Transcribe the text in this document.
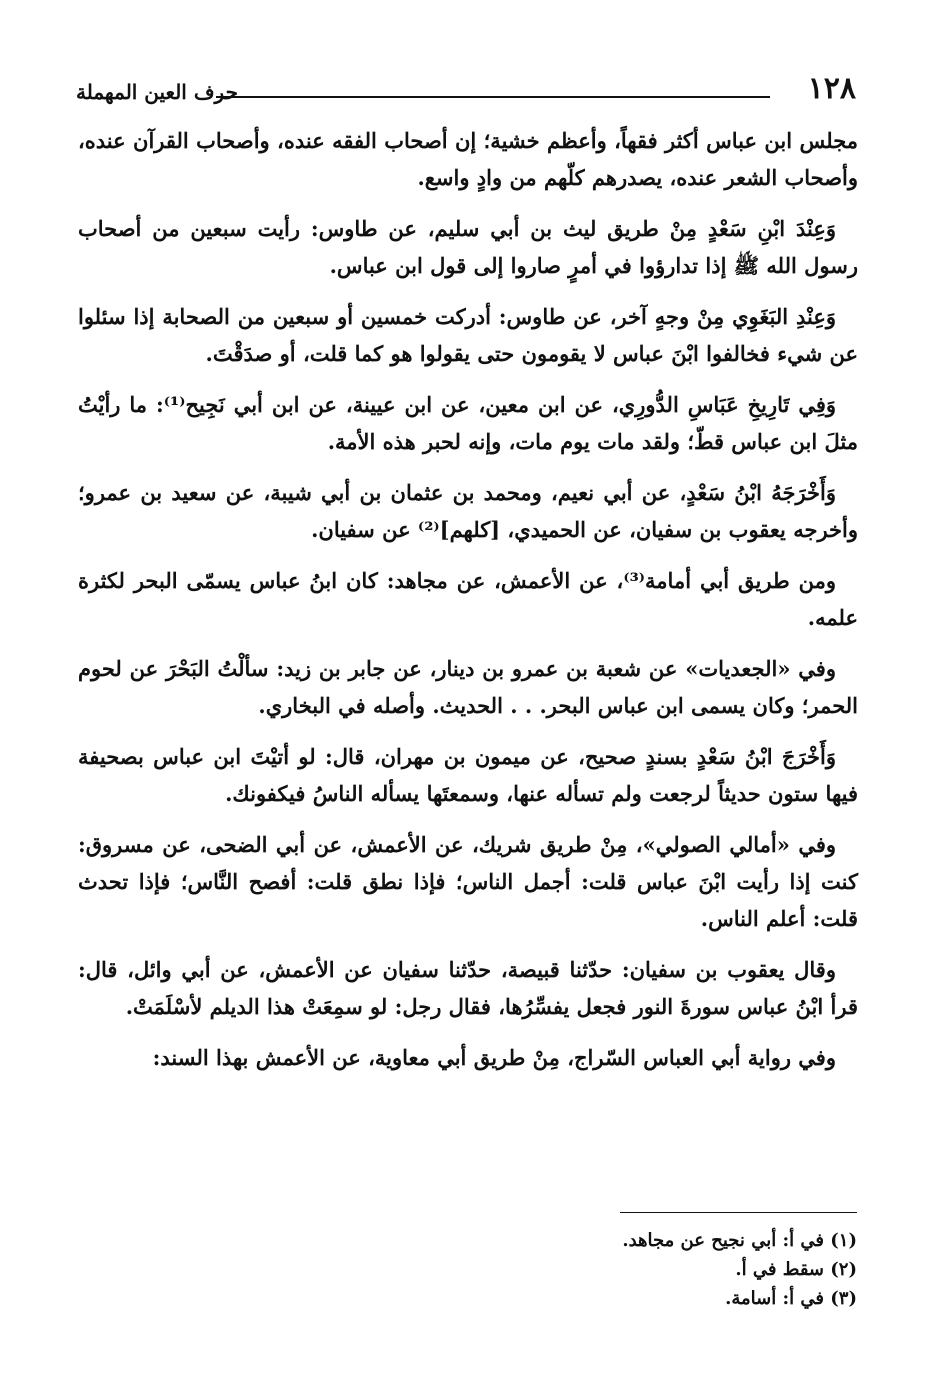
١٢٨
حرف العين المهملة

مجلس ابن عباس أكثر فقهاً، وأعظم خشية؛ إن أصحاب الفقه عنده، وأصحاب القرآن عنده، وأصحاب الشعر عنده، يصدرهم كلّهم من وادٍ واسع.

وَعِنْدَ ابْنِ سَعْدٍ مِنْ طريق ليث بن أبي سليم، عن طاوس: رأيت سبعين من أصحاب رسول الله ﷺ إذا تدارؤوا في أمرٍ صاروا إلى قول ابن عباس.

وَعِنْدِ البَغَوِي مِنْ وجهٍ آخر، عن طاوس: أدركت خمسين أو سبعين من الصحابة إذا سئلوا عن شيء فخالفوا ابْنَ عباس لا يقومون حتى يقولوا هو كما قلت، أو صدَقْتَ.

وَفِي تَارِيخِ عَبَاسِ الدُّورِي، عن ابن معين، عن ابن عيينة، عن ابن أبي نَجِيح⁽¹⁾: ما رأيْتُ مثلَ ابن عباس قطّ؛ ولقد مات يوم مات، وإنه لحبر هذه الأمة.

وَأَخْرَجَهُ ابْنُ سَعْدٍ، عن أبي نعيم، ومحمد بن عثمان بن أبي شيبة، عن سعيد بن عمرو؛ وأخرجه يعقوب بن سفيان، عن الحميدي، [كلهم]⁽²⁾ عن سفيان.

ومن طريق أبي أمامة⁽³⁾، عن الأعمش، عن مجاهد: كان ابنُ عباس يسمّى البحر لكثرة علمه.

وفي «الجعديات» عن شعبة بن عمرو بن دينار، عن جابر بن زيد: سألْتُ البَحْرَ عن لحوم الحمر؛ وكان يسمى ابن عباس البحر. . . الحديث. وأصله في البخاري.

وَأَخْرَجَ ابْنُ سَعْدٍ بسندٍ صحيح، عن ميمون بن مهران، قال: لو أتيْتَ ابن عباس بصحيفة فيها ستون حديثاً لرجعت ولم تسأله عنها، وسمعتَها يسأله الناسُ فيكفونك.

وفي «أمالي الصولي»، مِنْ طريق شريك، عن الأعمش، عن أبي الضحى، عن مسروق: كنت إذا رأيت ابْنَ عباس قلت: أجمل الناس؛ فإذا نطق قلت: أفصح النَّاس؛ فإذا تحدث قلت: أعلم الناس.

وقال يعقوب بن سفيان: حدّثنا قبيصة، حدّثنا سفيان عن الأعمش، عن أبي وائل، قال: قرأ ابْنُ عباس سورةَ النور فجعل يفسِّرُها، فقال رجل: لو سمِعَتْ هذا الديلم لأسْلَمَتْ.

وفي رواية أبي العباس السّراج، مِنْ طريق أبي معاوية، عن الأعمش بهذا السند:

(١) في أ: أبي نجيح عن مجاهد.
(٢) سقط في أ.
(٣) في أ: أسامة.
